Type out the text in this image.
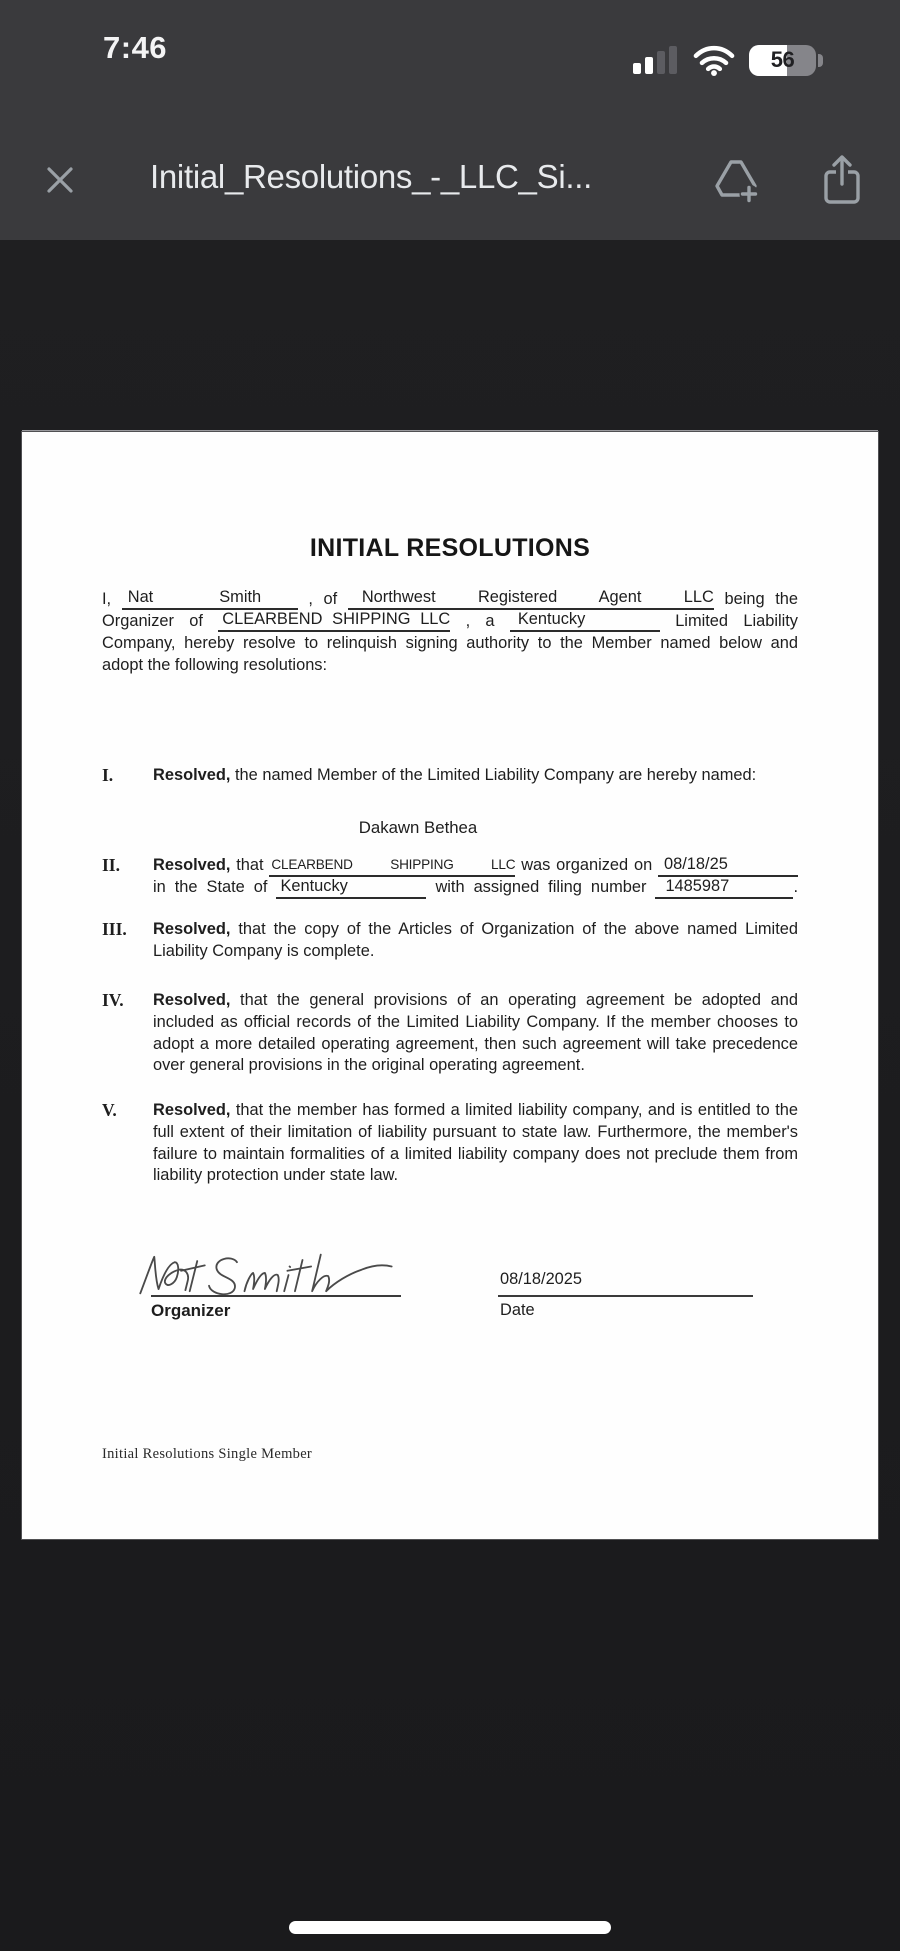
7:46	56
Initial_Resolutions_-_LLC_Si...
INITIAL RESOLUTIONS
I, Nat	Smith	, of Northwest Registered Agent LLC being the
Organizer of CLEARBEND SHIPPING LLC , a Kentucky	Limited Liability
Company, hereby resolve to relinquish signing authority to the Member named below and
adopt the following resolutions:
I.	Resolved, the named Member of the Limited Liability Company are hereby named:
Dakawn Bethea
II.	Resolved, that CLEARBEND SHIPPING LLC was organized on 08/18/25
in the State of Kentucky	with assigned filing number 1485987	.
III.	Resolved, that the copy of the Articles of Organization of the above named Limited Liability Company is complete.
IV.	Resolved, that the general provisions of an operating agreement be adopted and included as official records of the Limited Liability Company. If the member chooses to adopt a more detailed operating agreement, then such agreement will take precedence over general provisions in the original operating agreement.
V.	Resolved, that the member has formed a limited liability company, and is entitled to the full extent of their limitation of liability pursuant to state law. Furthermore, the member's failure to maintain formalities of a limited liability company does not preclude them from liability protection under state law.
Organizer
08/18/2025
Date
Initial Resolutions Single Member
